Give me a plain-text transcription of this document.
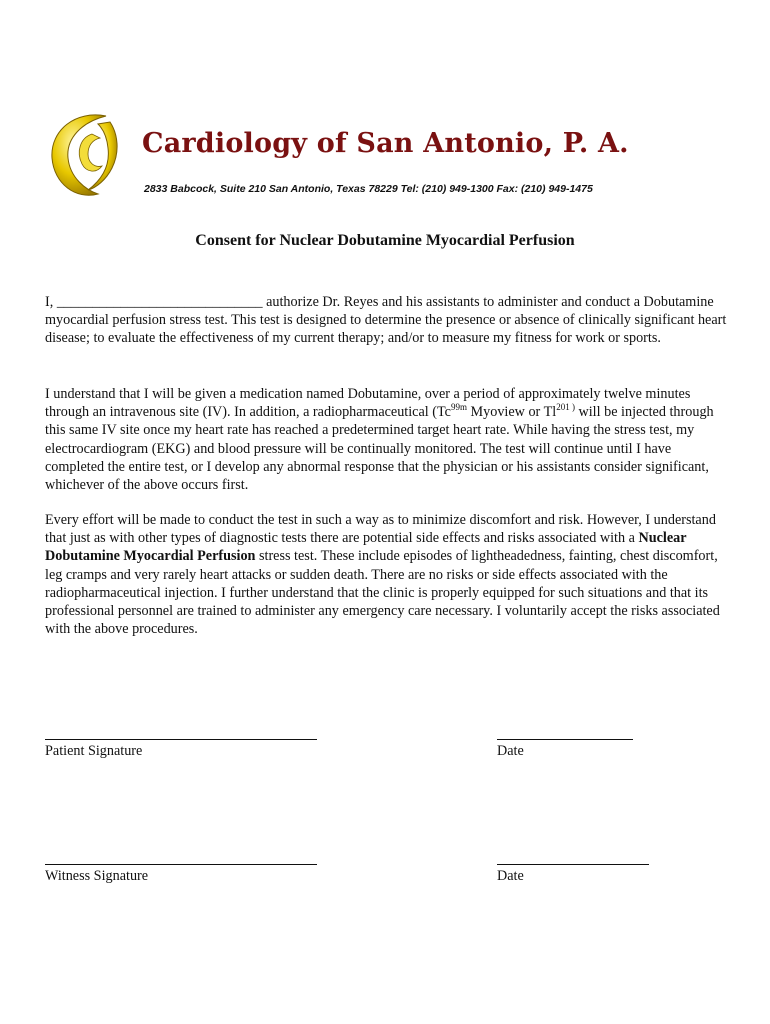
Cardiology of San Antonio, P. A.
2833 Babcock, Suite 210 San Antonio, Texas 78229 Tel: (210) 949-1300 Fax: (210) 949-1475
Consent for Nuclear Dobutamine Myocardial Perfusion

I, _____________________________ authorize Dr. Reyes and his assistants to administer and conduct a Dobutamine myocardial perfusion stress test. This test is designed to determine the presence or absence of clinically significant heart disease; to evaluate the effectiveness of my current therapy; and/or to measure my fitness for work or sports.

I understand that I will be given a medication named Dobutamine, over a period of approximately twelve minutes through an intravenous site (IV). In addition, a radiopharmaceutical ($Tc^{99m}$ Myoview or $Tl^{201 )}$ will be injected through this same IV site once my heart rate has reached a predetermined target heart rate. While having the stress test, my electrocardiogram (EKG) and blood pressure will be continually monitored. The test will continue until I have completed the entire test, or I develop any abnormal response that the physician or his assistants consider significant, whichever of the above occurs first.

Every effort will be made to conduct the test in such a way as to minimize discomfort and risk. However, I understand that just as with other types of diagnostic tests there are potential side effects and risks associated with a Nuclear Dobutamine Myocardial Perfusion stress test. These include episodes of lightheadedness, fainting, chest discomfort, leg cramps and very rarely heart attacks or sudden death. There are no risks or side effects associated with the radiopharmaceutical injection. I further understand that the clinic is properly equipped for such situations and that its professional personnel are trained to administer any emergency care necessary. I voluntarily accept the risks associated with the above procedures.

Patient Signature	Date
Witness Signature	Date
